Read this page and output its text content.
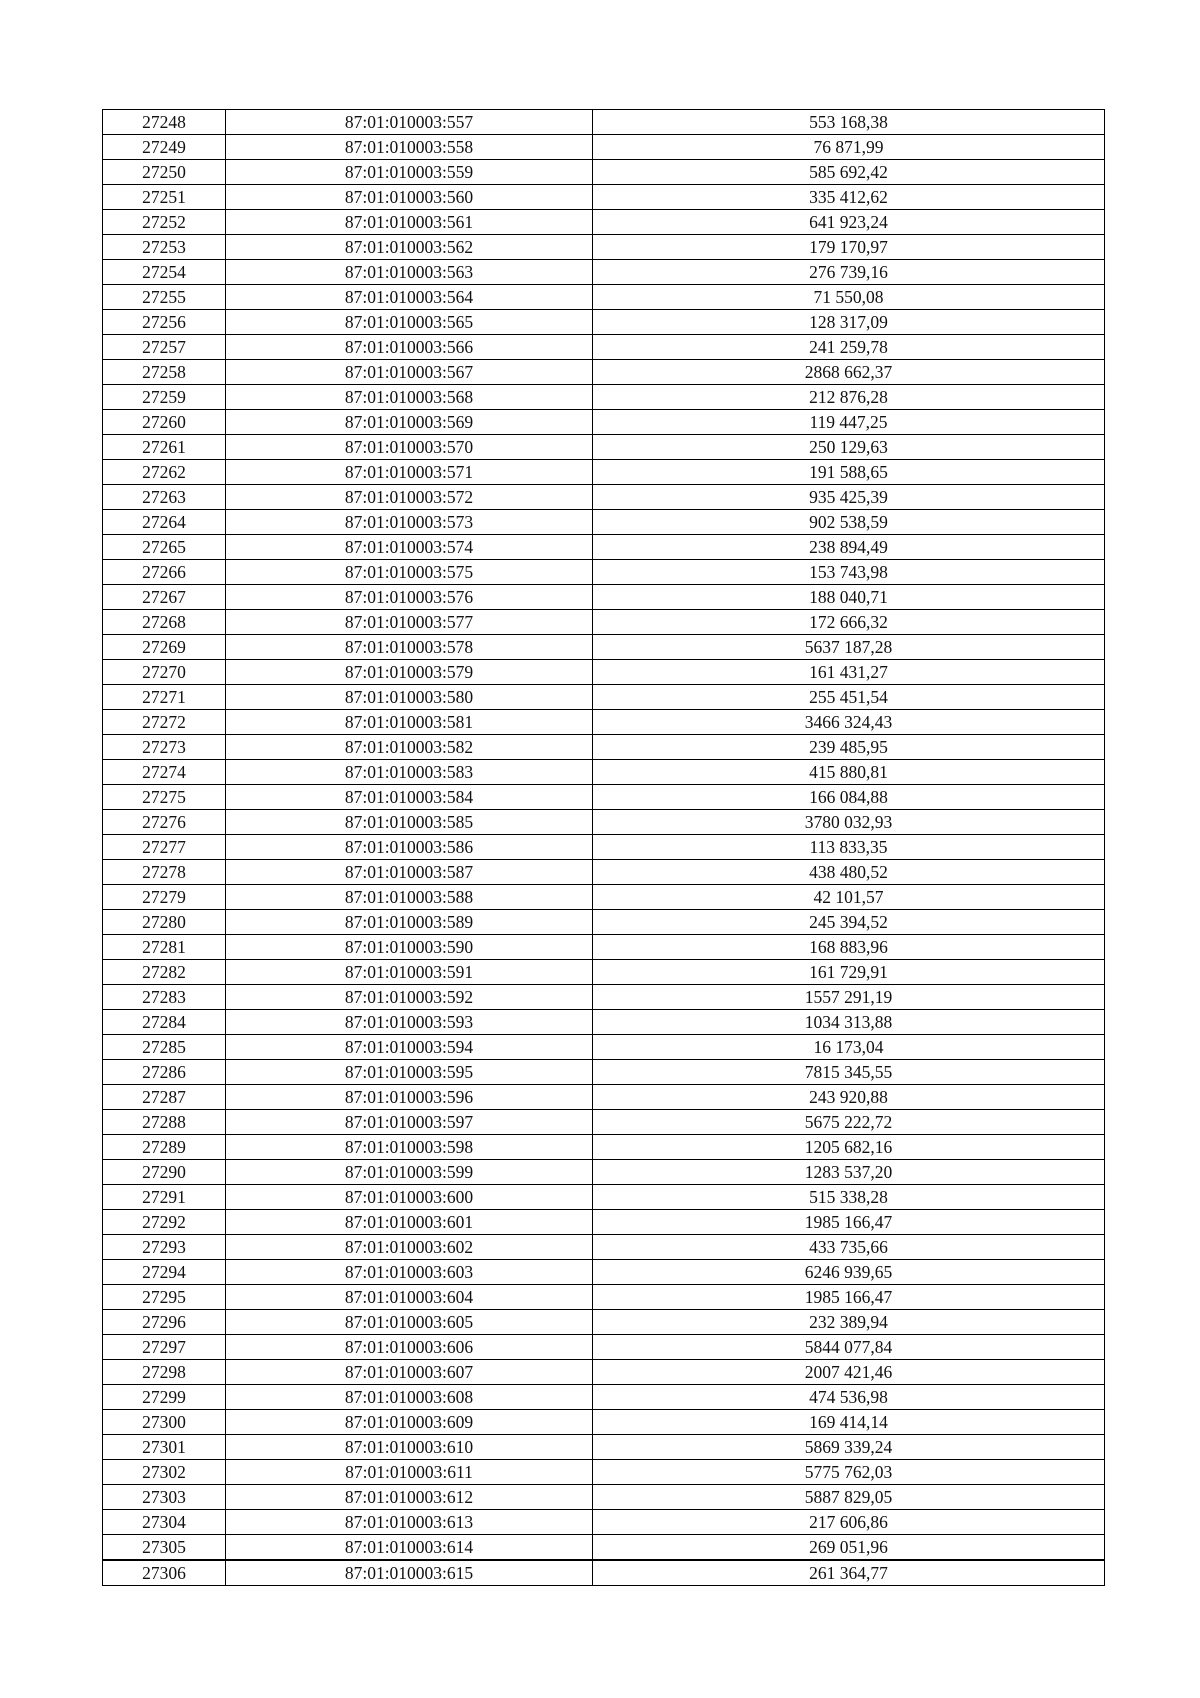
27248	87:01:010003:557	553 168,38
27249	87:01:010003:558	76 871,99
27250	87:01:010003:559	585 692,42
27251	87:01:010003:560	335 412,62
27252	87:01:010003:561	641 923,24
27253	87:01:010003:562	179 170,97
27254	87:01:010003:563	276 739,16
27255	87:01:010003:564	71 550,08
27256	87:01:010003:565	128 317,09
27257	87:01:010003:566	241 259,78
27258	87:01:010003:567	2868 662,37
27259	87:01:010003:568	212 876,28
27260	87:01:010003:569	119 447,25
27261	87:01:010003:570	250 129,63
27262	87:01:010003:571	191 588,65
27263	87:01:010003:572	935 425,39
27264	87:01:010003:573	902 538,59
27265	87:01:010003:574	238 894,49
27266	87:01:010003:575	153 743,98
27267	87:01:010003:576	188 040,71
27268	87:01:010003:577	172 666,32
27269	87:01:010003:578	5637 187,28
27270	87:01:010003:579	161 431,27
27271	87:01:010003:580	255 451,54
27272	87:01:010003:581	3466 324,43
27273	87:01:010003:582	239 485,95
27274	87:01:010003:583	415 880,81
27275	87:01:010003:584	166 084,88
27276	87:01:010003:585	3780 032,93
27277	87:01:010003:586	113 833,35
27278	87:01:010003:587	438 480,52
27279	87:01:010003:588	42 101,57
27280	87:01:010003:589	245 394,52
27281	87:01:010003:590	168 883,96
27282	87:01:010003:591	161 729,91
27283	87:01:010003:592	1557 291,19
27284	87:01:010003:593	1034 313,88
27285	87:01:010003:594	16 173,04
27286	87:01:010003:595	7815 345,55
27287	87:01:010003:596	243 920,88
27288	87:01:010003:597	5675 222,72
27289	87:01:010003:598	1205 682,16
27290	87:01:010003:599	1283 537,20
27291	87:01:010003:600	515 338,28
27292	87:01:010003:601	1985 166,47
27293	87:01:010003:602	433 735,66
27294	87:01:010003:603	6246 939,65
27295	87:01:010003:604	1985 166,47
27296	87:01:010003:605	232 389,94
27297	87:01:010003:606	5844 077,84
27298	87:01:010003:607	2007 421,46
27299	87:01:010003:608	474 536,98
27300	87:01:010003:609	169 414,14
27301	87:01:010003:610	5869 339,24
27302	87:01:010003:611	5775 762,03
27303	87:01:010003:612	5887 829,05
27304	87:01:010003:613	217 606,86
27305	87:01:010003:614	269 051,96
27306	87:01:010003:615	261 364,77
